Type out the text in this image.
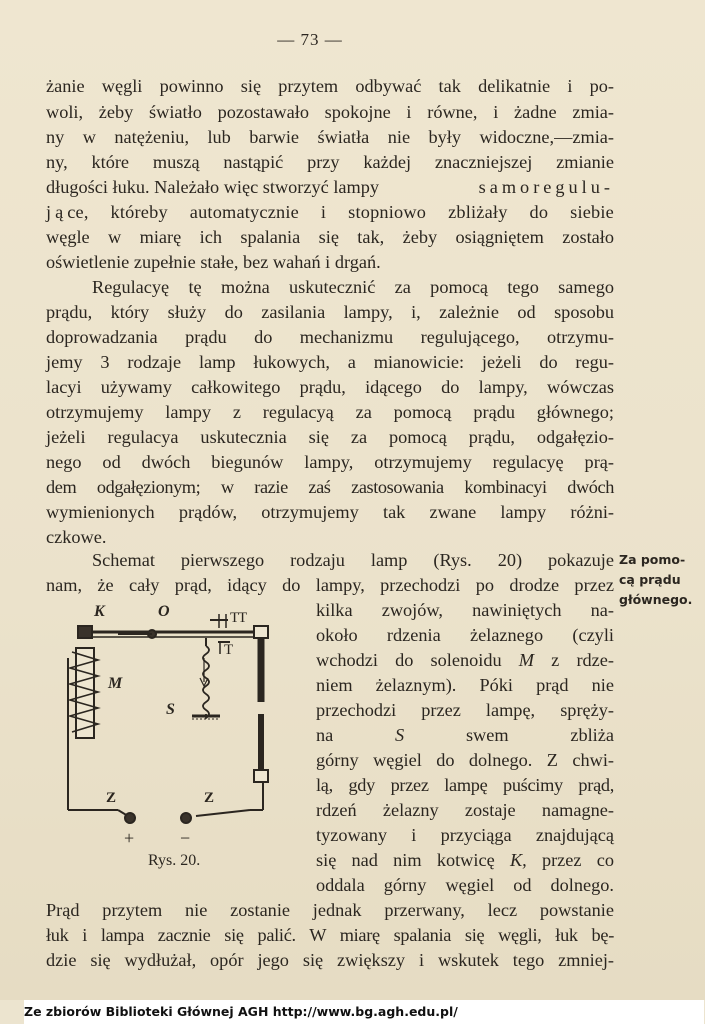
— 73 —
żanie węgli powinno się przytem odbywać tak delikatnie i po-
woli, żeby światło pozostawało spokojne i równe, i żadne zmia-
ny w natężeniu, lub barwie światła nie były widoczne,—zmia-
ny, które muszą nastąpić przy każdej znaczniejszej zmianie
długości łuku. Należało więc stworzyć lampy	samoregulu-
jące, któreby automatycznie i stopniowo zbliżały do siebie
węgle w miarę ich spalania się tak, żeby osiągniętem zostało
oświetlenie zupełnie stałe, bez wahań i drgań.
Regulacyę tę można uskutecznić za pomocą tego samego
prądu, który służy do zasilania lampy, i, zależnie od sposobu
doprowadzania prądu do mechanizmu regulującego, otrzymu-
jemy 3 rodzaje lamp łukowych, a mianowicie: jeżeli do regu-
lacyi używamy całkowitego prądu, idącego do lampy, wówczas
otrzymujemy lampy z regulacyą za pomocą prądu głównego;
jeżeli regulacya uskutecznia się za pomocą prądu, odgałęzio-
nego od dwóch biegunów lampy, otrzymujemy regulacyę prą-
dem odgałęzionym; w razie zaś zastosowania kombinacyi dwóch
wymienionych prądów, otrzymujemy tak zwane lampy różni-
czkowe.
Schemat pierwszego rodzaju lamp (Rys. 20) pokazuje
nam, że cały prąd, idący do lampy, przechodzi po drodze przez
Za pomo-
cą prądu
głównego.
kilka zwojów, nawiniętych na-
około rdzenia żelaznego (czyli
wchodzi do solenoidu M z rdze-
niem żelaznym). Póki prąd nie
przechodzi przez lampę, spręży-
na	S	swem zbliża
górny węgiel do dolnego. Z chwi-
lą, gdy przez lampę puścimy prąd,
rdzeń żelazny zostaje namagne-
tyzowany i przyciąga znajdującą
się nad nim kotwicę K, przez co
oddala górny węgiel od dolnego.
Prąd przytem nie zostanie jednak przerwany, lecz powstanie
łuk i lampa zacznie się palić. W miarę spalania się węgli, łuk bę-
dzie się wydłużał, opór jego się zwiększy i wskutek tego zmniej-
K	O
M
S
T
T
T
Z	Z
+	−
Rys. 20.
Ze zbiorów Biblioteki Głównej AGH http://www.bg.agh.edu.pl/
